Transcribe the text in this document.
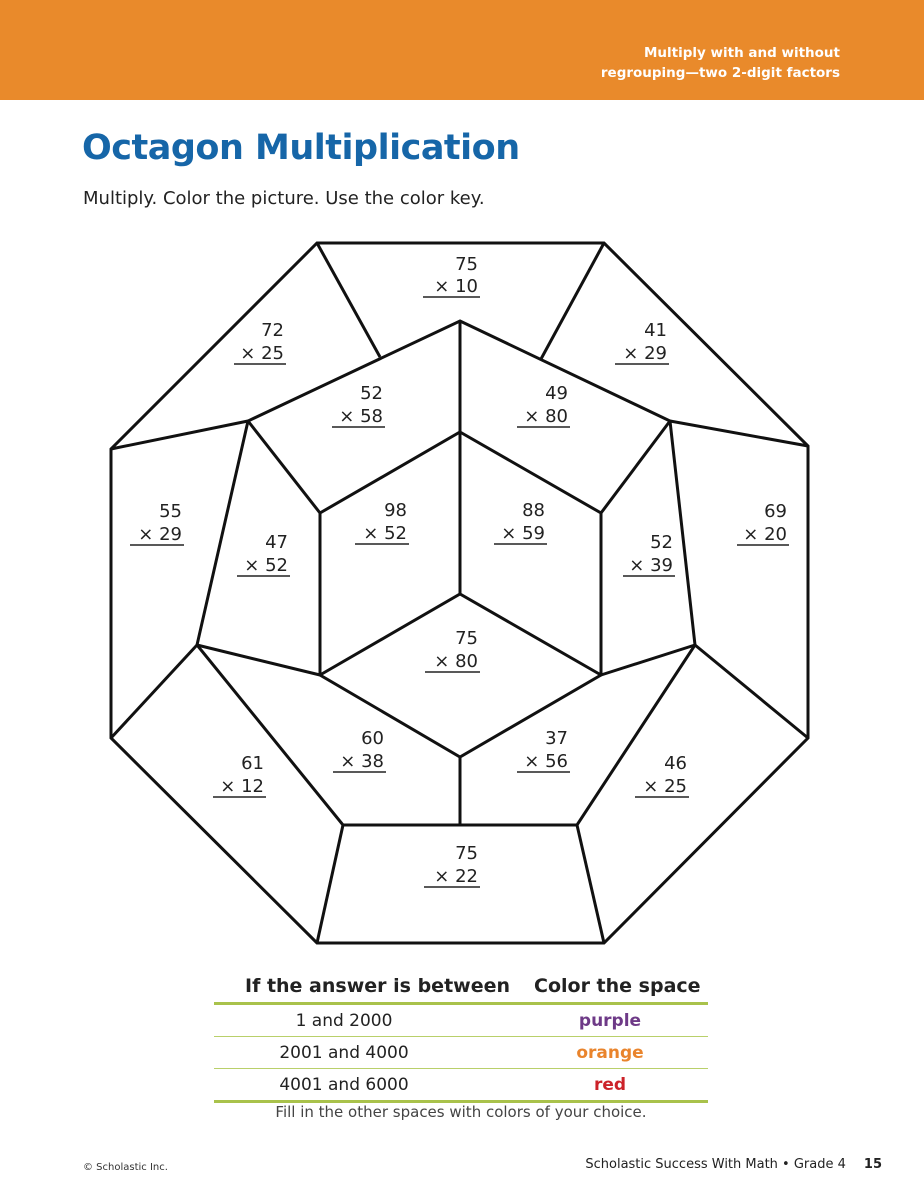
Multiply with and without
regrouping—two 2-digit factors
Octagon Multiplication
Multiply. Color the picture. Use the color key.
75
× 10
72
× 25
41
× 29
52
× 58
49
× 80
55
× 29	47
× 52
98
× 52
88
× 59	52
× 39
69
× 20
75
× 80
60
× 38
37
× 56
61
× 12
46
× 25
75
× 22
If the answer is between Color the space
1 and 2000	purple
2001 and 4000	orange
4001 and 6000	red
Fill in the other spaces with colors of your choice.
© Scholastic Inc.	Scholastic Success With Math • Grade 4 15
